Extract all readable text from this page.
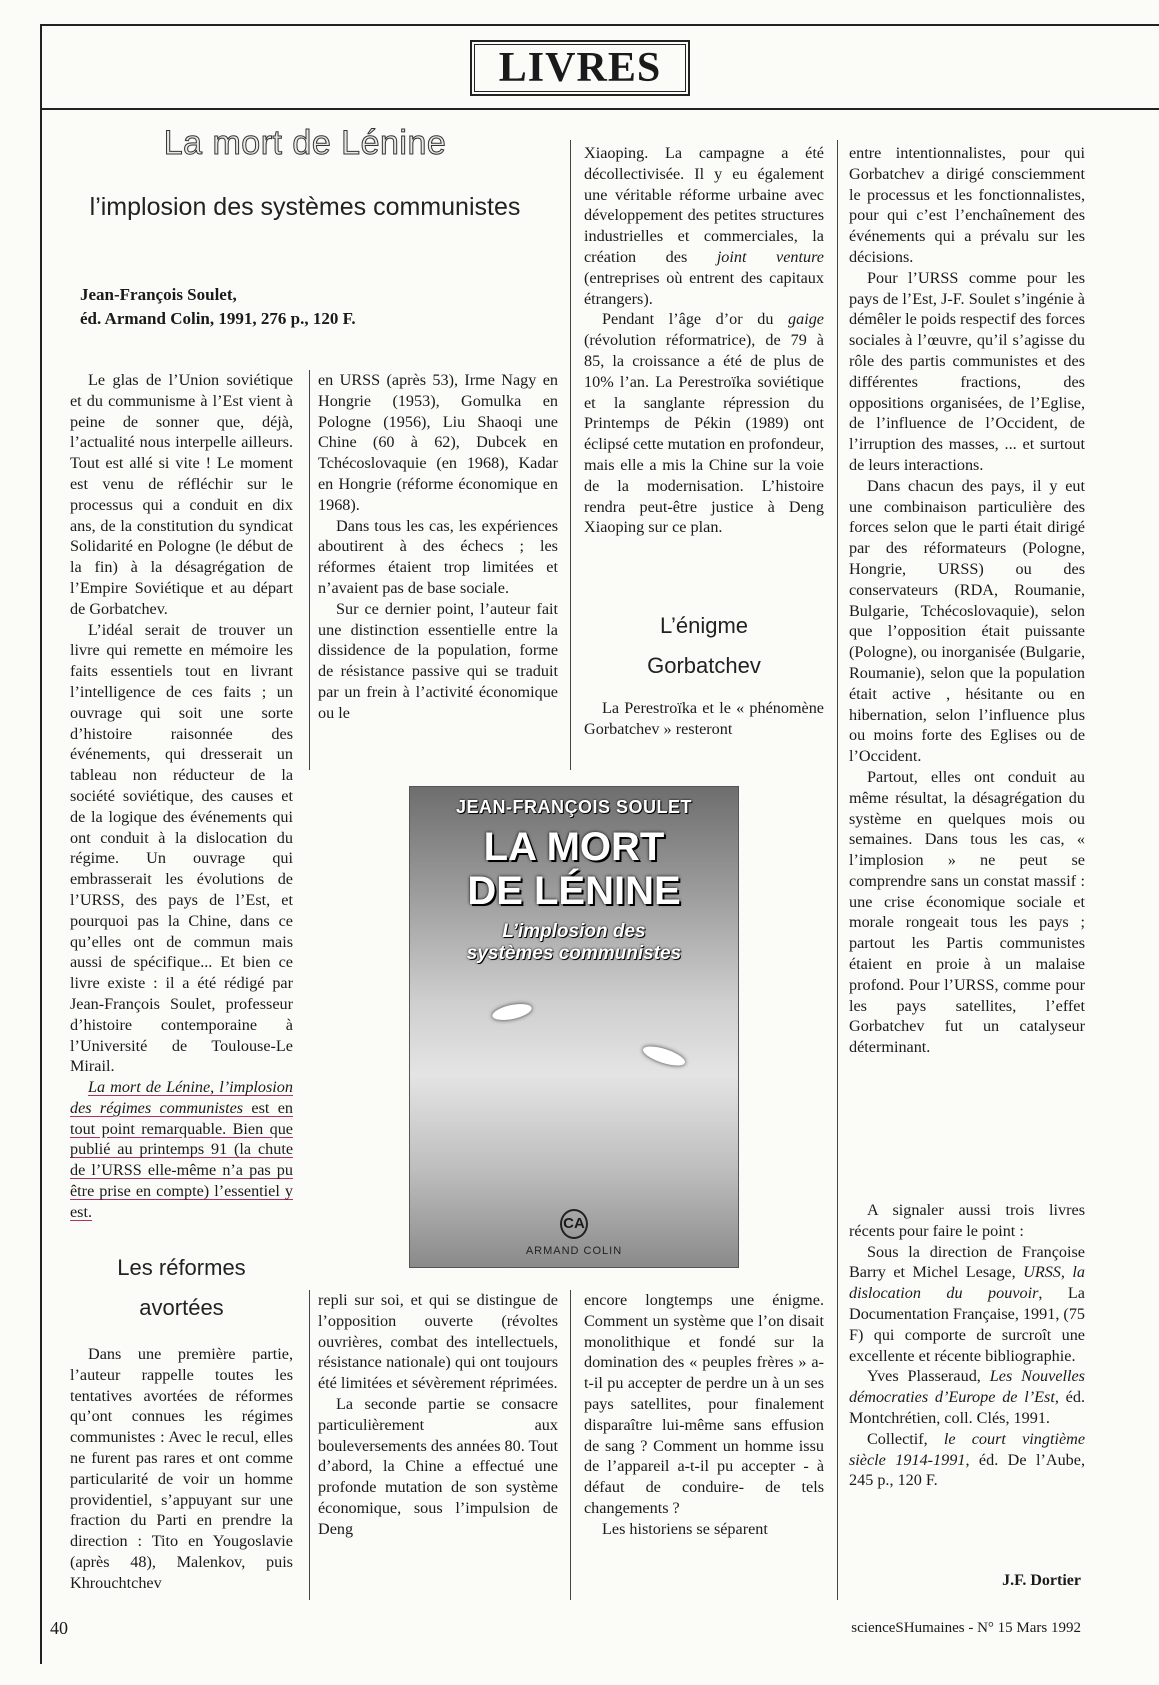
LIVRES
La mort de Lénine
l’implosion des systèmes communistes
Jean-François Soulet,
éd. Armand Colin, 1991, 276 p., 120 F.

Le glas de l’Union soviétique et du communisme à l’Est vient à peine de sonner que, déjà, l’actualité nous interpelle ailleurs. Tout est allé si vite ! Le moment est venu de réfléchir sur le processus qui a conduit en dix ans, de la constitution du syndicat Solidarité en Pologne (le début de la fin) à la désagrégation de l’Empire Soviétique et au départ de Gorbatchev.

L’idéal serait de trouver un livre qui remette en mémoire les faits essentiels tout en livrant l’intelligence de ces faits ; un ouvrage qui soit une sorte d’histoire raisonnée des événements, qui dresserait un tableau non réducteur de la société soviétique, des causes et de la logique des événements qui ont conduit à la dislocation du régime. Un ouvrage qui embrasserait les évolutions de l’URSS, des pays de l’Est, et pourquoi pas la Chine, dans ce qu’elles ont de commun mais aussi de spécifique... Et bien ce livre existe : il a été rédigé par Jean-François Soulet, professeur d’histoire contemporaine à l’Université de Toulouse-Le Mirail.

La mort de Lénine, l’implosion des régimes communistes est en tout point remarquable. Bien que publié au printemps 91 (la chute de l’URSS elle-même n’a pas pu être prise en compte) l’essentiel y est.

Les réformes
avortées

Dans une première partie, l’auteur rappelle toutes les tentatives avortées de réformes qu’ont connues les régimes communistes : Avec le recul, elles ne furent pas rares et ont comme particularité de voir un homme providentiel, s’appuyant sur une fraction du Parti en prendre la direction : Tito en Yougoslavie (après 48), Malenkov, puis Khrouchtchev

en URSS (après 53), Irme Nagy en Hongrie (1953), Gomulka en Pologne (1956), Liu Shaoqi une Chine (60 à 62), Dubcek en Tchécoslovaquie (en 1968), Kadar en Hongrie (réforme économique en 1968).

Dans tous les cas, les expériences aboutirent à des échecs ; les réformes étaient trop limitées et n’avaient pas de base sociale.

Sur ce dernier point, l’auteur fait une distinction essentielle entre la dissidence de la population, forme de résistance passive qui se traduit par un frein à l’activité économique ou le

repli sur soi, et qui se distingue de l’opposition ouverte (révoltes ouvrières, combat des intellectuels, résistance nationale) qui ont toujours été limitées et sévèrement réprimées.

La seconde partie se consacre particulièrement aux bouleversements des années 80. Tout d’abord, la Chine a effectué une profonde mutation de son système économique, sous l’impulsion de Deng

Xiaoping. La campagne a été décollectivisée. Il y eu également une véritable réforme urbaine avec développement des petites structures industrielles et commerciales, la création des joint venture (entreprises où entrent des capitaux étrangers).

Pendant l’âge d’or du gaige (révolution réformatrice), de 79 à 85, la croissance a été de plus de 10% l’an. La Perestroïka soviétique et la sanglante répression du Printemps de Pékin (1989) ont éclipsé cette mutation en profondeur, mais elle a mis la Chine sur la voie de la modernisation. L’histoire rendra peut-être justice à Deng Xiaoping sur ce plan.

L’énigme
Gorbatchev

La Perestroïka et le « phénomène Gorbatchev » resteront

encore longtemps une énigme. Comment un système que l’on disait monolithique et fondé sur la domination des « peuples frères » a-t-il pu accepter de perdre un à un ses pays satellites, pour finalement disparaître lui-même sans effusion de sang ? Comment un homme issu de l’appareil a-t-il pu accepter - à défaut de conduire- de tels changements ?

Les historiens se séparent

entre intentionnalistes, pour qui Gorbatchev a dirigé consciemment le processus et les fonctionnalistes, pour qui c’est l’enchaînement des événements qui a prévalu sur les décisions.

Pour l’URSS comme pour les pays de l’Est, J-F. Soulet s’ingénie à démêler le poids respectif des forces sociales à l’œuvre, qu’il s’agisse du rôle des partis communistes et des différentes fractions, des oppositions organisées, de l’Eglise, de l’influence de l’Occident, de l’irruption des masses, ... et surtout de leurs interactions.

Dans chacun des pays, il y eut une combinaison particulière des forces selon que le parti était dirigé par des réformateurs (Pologne, Hongrie, URSS) ou des conservateurs (RDA, Roumanie, Bulgarie, Tchécoslovaquie), selon que l’opposition était puissante (Pologne), ou inorganisée (Bulgarie, Roumanie), selon que la population était active , hésitante ou en hibernation, selon l’influence plus ou moins forte des Eglises ou de l’Occident.

Partout, elles ont conduit au même résultat, la désagrégation du système en quelques mois ou semaines. Dans tous les cas, « l’implosion » ne peut se comprendre sans un constat massif : une crise économique sociale et morale rongeait tous les pays ; partout les Partis communistes étaient en proie à un malaise profond. Pour l’URSS, comme pour les pays satellites, l’effet Gorbatchev fut un catalyseur déterminant.

A signaler aussi trois livres récents pour faire le point :

Sous la direction de Françoise Barry et Michel Lesage, URSS, la dislocation du pouvoir, La Documentation Française, 1991, (75 F) qui comporte de surcroît une excellente et récente bibliographie.

Yves Plasseraud, Les Nouvelles démocraties d’Europe de l’Est, éd. Montchrétien, coll. Clés, 1991.

Collectif, le court vingtième siècle 1914-1991, éd. De l’Aube, 245 p., 120 F.

J.F. Dortier
JEAN-FRANÇOIS SOULET
LA MORT
DE LÉNINE
L’implosion des
systèmes communistes
CA
ARMAND COLIN
40	scienceSHumaines - N° 15 Mars 1992
